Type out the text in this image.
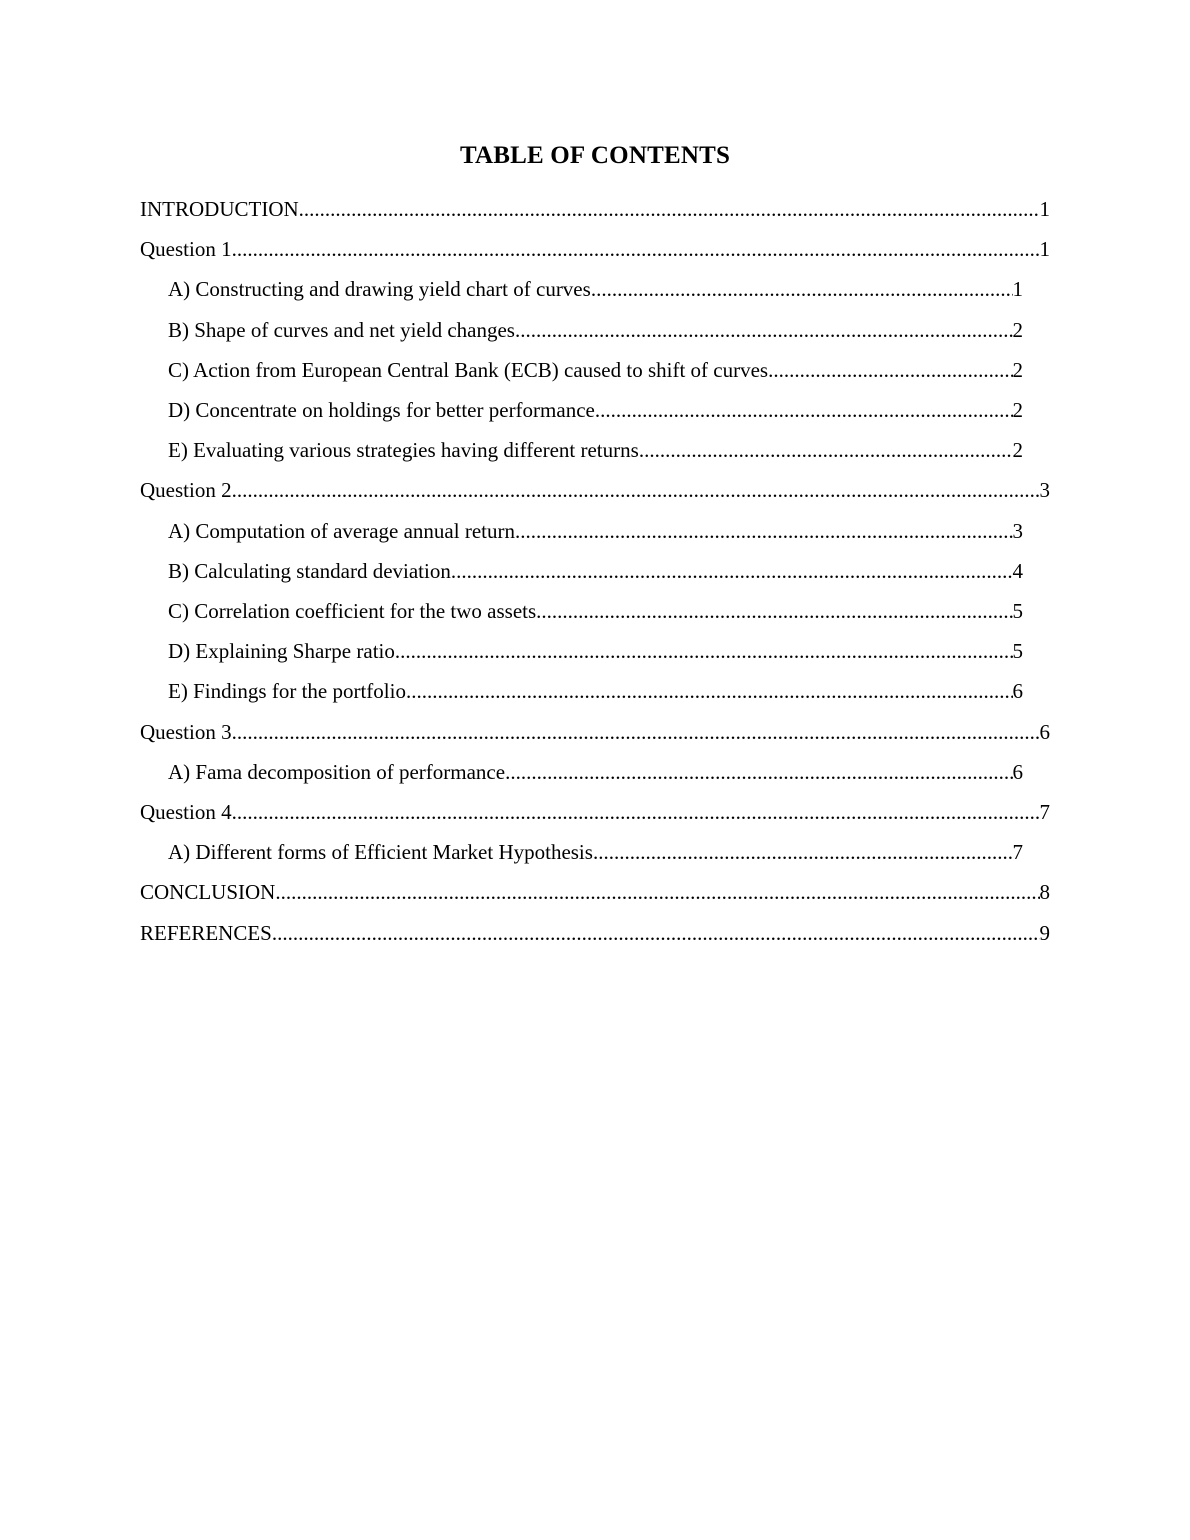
TABLE OF CONTENTS
INTRODUCTION .....	1
Question 1 .....	1
A) Constructing and drawing yield chart of curves .....	1
B) Shape of curves and net yield changes .....	2
C) Action from European Central Bank (ECB) caused to shift of curves .....	2
D) Concentrate on holdings for better performance .....	2
E) Evaluating various strategies having different returns .....	2
Question 2 .....	3
A) Computation of average annual return .....	3
B) Calculating standard deviation .....	4
C) Correlation coefficient for the two assets .....	5
D) Explaining Sharpe ratio .....	5
E) Findings for the portfolio .....	6
Question 3 .....	6
A) Fama decomposition of performance .....	6
Question 4 .....	7
A) Different forms of Efficient Market Hypothesis .....	7
CONCLUSION .....	8
REFERENCES .....	9
